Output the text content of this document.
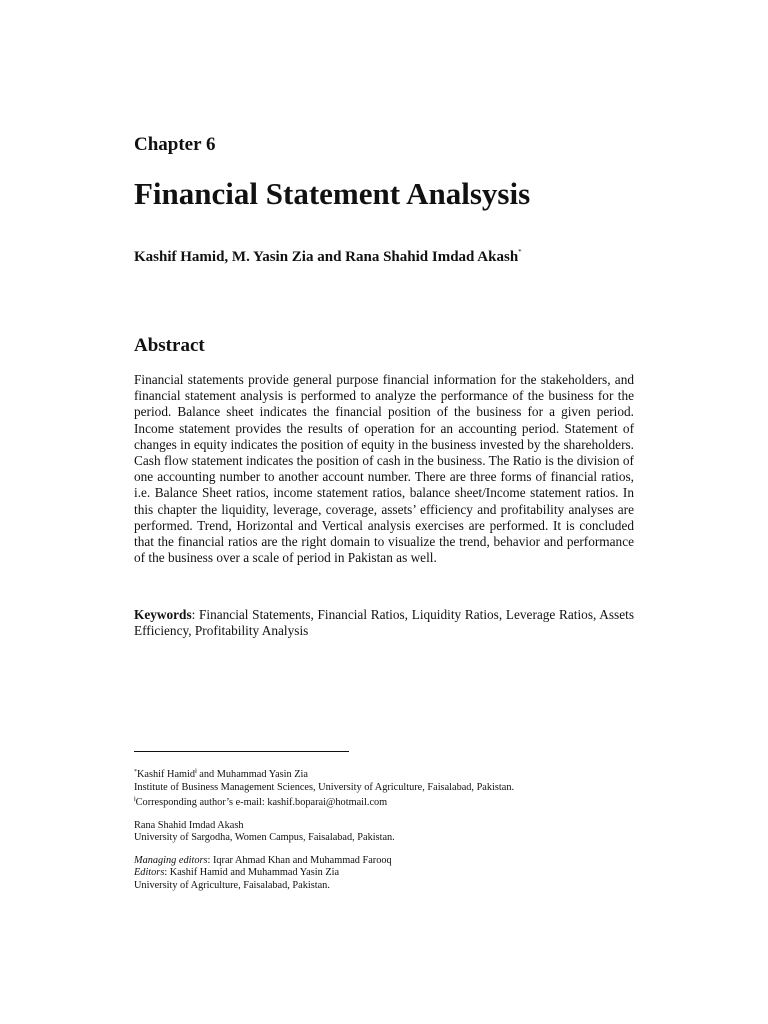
Chapter 6
Financial Statement Analsysis
Kashif Hamid, M. Yasin Zia and Rana Shahid Imdad Akash*
Abstract

Financial statements provide general purpose financial information for the stakeholders, and financial statement analysis is performed to analyze the performance of the business for the period. Balance sheet indicates the financial position of the business for a given period. Income statement provides the results of operation for an accounting period. Statement of changes in equity indicates the position of equity in the business invested by the shareholders. Cash flow statement indicates the position of cash in the business. The Ratio is the division of one accounting number to another account number. There are three forms of financial ratios, i.e. Balance Sheet ratios, income statement ratios, balance sheet/Income statement ratios. In this chapter the liquidity, leverage, coverage, assets’ efficiency and profitability analyses are performed. Trend, Horizontal and Vertical analysis exercises are performed. It is concluded that the financial ratios are the right domain to visualize the trend, behavior and performance of the business over a scale of period in Pakistan as well.

Keywords: Financial Statements, Financial Ratios, Liquidity Ratios, Leverage Ratios, Assets Efficiency, Profitability Analysis

*Kashif Hamid$^ł$ and Muhammad Yasin Zia
Institute of Business Management Sciences, University of Agriculture, Faisalabad, Pakistan.
$^ł$Corresponding author’s e-mail: kashif.boparai@hotmail.com
Rana Shahid Imdad Akash
University of Sargodha, Women Campus, Faisalabad, Pakistan.
Managing editors: Iqrar Ahmad Khan and Muhammad Farooq
Editors: Kashif Hamid and Muhammad Yasin Zia
University of Agriculture, Faisalabad, Pakistan.
